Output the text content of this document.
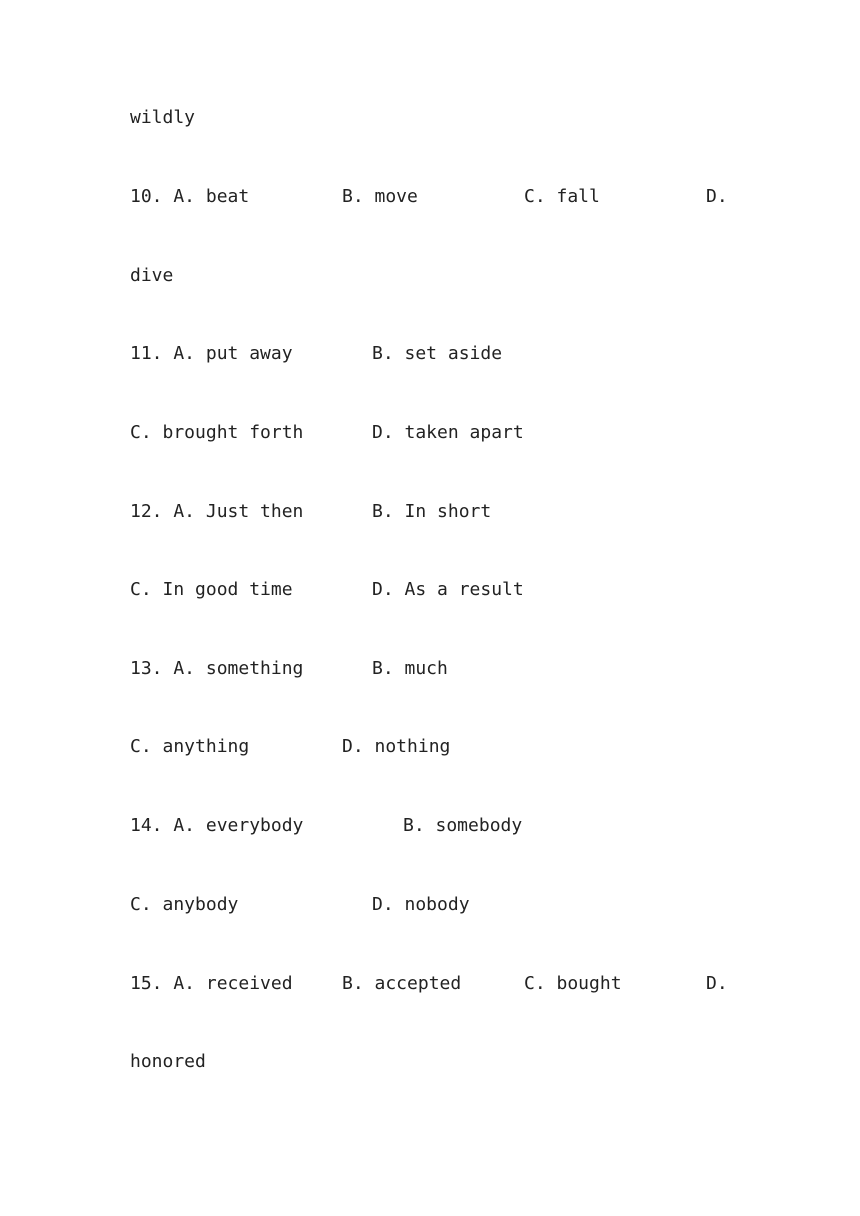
wildly

10. A. beat

	B. move

	C. fall

	D.

dive

11. A. put away

	B. set aside

C. brought forth

	D. taken apart

12. A. Just then

	B. In short

C. In good time

	D. As a result

13. A. something

	B. much

C. anything

	D. nothing

14. A. everybody

	B. somebody

C. anybody

	D. nobody

15. A. received

	B. accepted

	C. bought

	D.

honored
